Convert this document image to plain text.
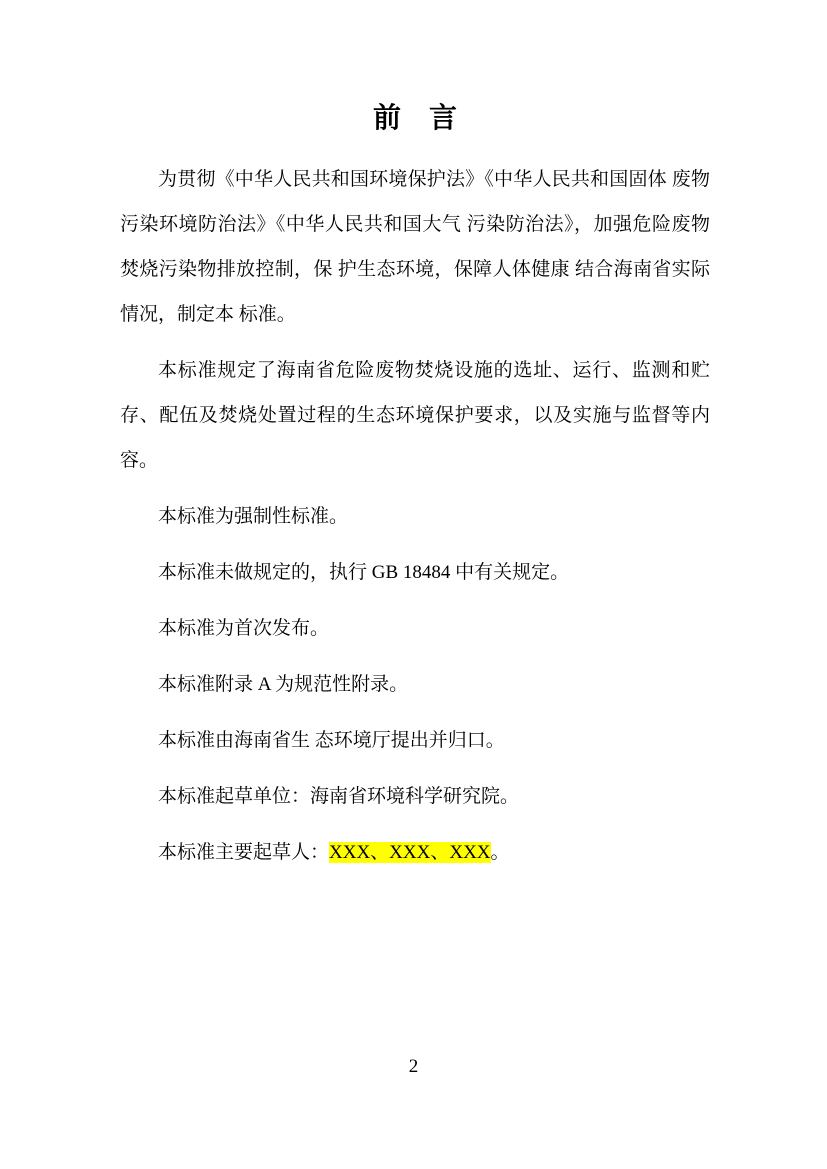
前　言

为贯彻《中华人民共和国环境保护法》《中华人民共和国固体 废物污染环境防治法》《中华人民共和国大气 污染防治法》，加强危险废物焚烧污染物排放控制，保 护生态环境，保障人体健康 结合海南省实际情况，制定本 标准。

本标准规定了海南省危险废物焚烧设施的选址、运行、监测和贮存、配伍及焚烧处置过程的生态环境保护要求，以及实施与监督等内容。

本标准为强制性标准。

本标准未做规定的，执行 GB 18484 中有关规定。

本标准为首次发布。

本标准附录 A 为规范性附录。

本标准由海南省生 态环境厅提出并归口。

本标准起草单位：海南省环境科学研究院。

本标准主要起草人：XXX、XXX、XXX。

2
